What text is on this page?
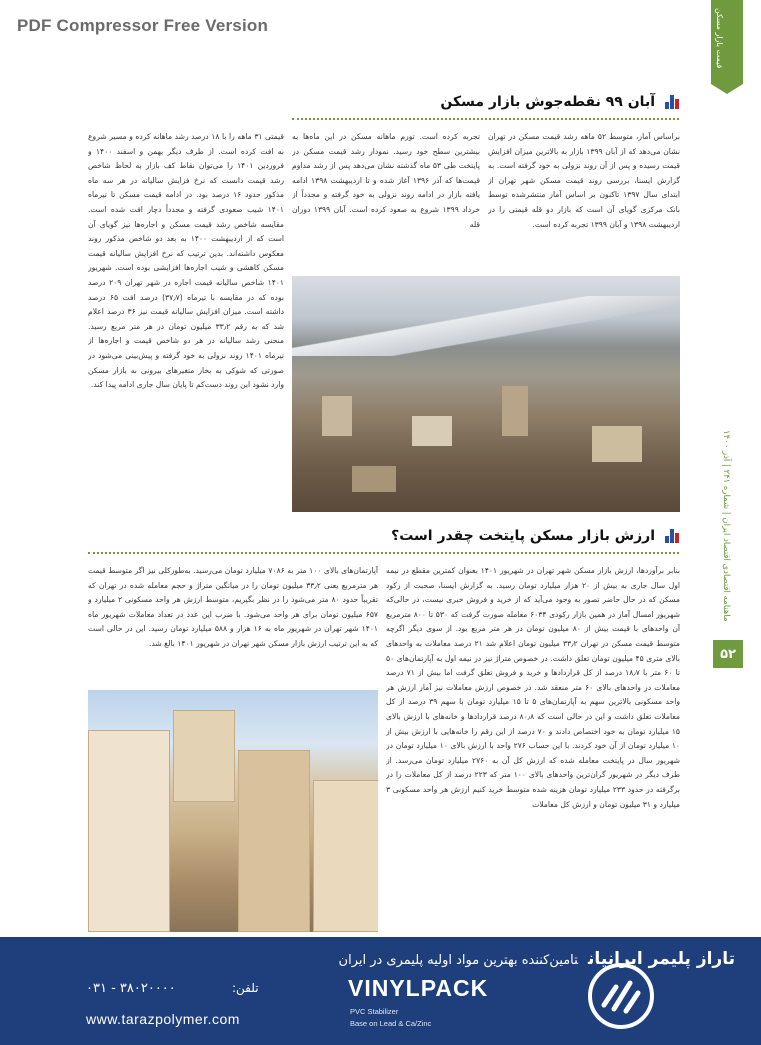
PDF Compressor Free Version	قیمت بازار مسکن
ماهنامه اقتصادی اقتصاد ایران | شماره ۲۴۱ | آذر ۱۴۰۰
۵۲
آبان ۹۹ نقطه‌جوش بازار مسکن

براساس آمار، متوسط ۵۲ ماهه رشد قیمت مسکن در تهران نشان می‌دهد که از آبان ۱۳۹۹ بازار به بالاترین میزان افزایش قیمت رسیده و پس از آن روند نزولی به خود گرفته است. به گزارش ایسنا، بررسی روند قیمت مسکن شهر تهران از ابتدای سال ۱۳۹۷ تاکنون بر اساس آمار منتشرشده توسط بانک مرکزی گویای آن است که بازار دو قله قیمتی را در اردیبهشت ۱۳۹۸ و آبان ۱۳۹۹ تجربه کرده است.

تجربه کرده است. تورم ماهانه مسکن در این ماه‌ها به بیشترین سطح خود رسید. نمودار رشد قیمت مسکن در پایتخت طی ۵۳ ماه گذشته نشان می‌دهد پس از رشد مداوم قیمت‌ها که آذر ۱۳۹۶ آغاز شده و تا اردیبهشت ۱۳۹۸ ادامه یافته بازار در ادامه روند نزولی به خود گرفته و مجدداً از خرداد ۱۳۹۹ شروع به صعود کرده است. آبان ۱۳۹۹ دوران قله

قیمتی ۳۱ ماهه را با ۱۸ درصد رشد ماهانه کرده و مسیر شروع به افت کرده است. از طرف دیگر بهمن و اسفند ۱۴۰۰ و فروردین ۱۴۰۱ را می‌توان نقاط کف بازار به لحاظ شاخص رشد قیمت دانست که نرخ فزایش سالیانه در هر سه ماه مذکور حدود ۱۶ درصد بود. در ادامه قیمت مسکن تا تیرماه ۱۴۰۱ شیب صعودی گرفته و مجدداً دچار افت شده است. مقایسه شاخص رشد قیمت مسکن و اجاره‌ها نیز گویای آن است که از اردیبهشت ۱۴۰۰ به بعد دو شاخص مذکور روند معکوس داشته‌اند. بدین ترتیب که نرخ افزایش سالیانه قیمت مسکن کاهشی و شیب اجاره‌ها افزایشی بوده است. شهریور ۱۴۰۱ شاخص سالیانه قیمت اجاره در شهر تهران ۲۰۹ درصد بوده که در مقایسه با تیرماه (۳۷٫۷) درصد افت ۶۵ درصد داشته است. میزان افزایش سالیانه قیمت نیز ۳۶ درصد اعلام شد که به رقم ۳۳٫۲ میلیون تومان در هر متر مربع رسید. منحنی رشد سالیانه در هر دو شاخص قیمت و اجاره‌ها از تیرماه ۱۴۰۱ روند نزولی به خود گرفته و پیش‌بینی می‌شود در صورتی که شوکی به بخار متغیرهای بیرونی به بازار مسکن وارد نشود این روند دست‌کم تا پایان سال جاری ادامه پیدا کند.

ارزش بازار مسکن پایتخت چقدر است؟

بنابر برآوردها، ارزش بازار مسکن شهر تهران در شهریور ۱۴۰۱ بعنوان کمترین مقطع در نیمه اول سال جاری به بیش از ۲۰ هزار میلیارد تومان رسید. به گزارش ایسنا، صحبت از رکود مسکن که در حال حاضر تصور به وجود می‌آید که از خرید و فروش خبری نیست، در حالی‌که شهریور امسال آمار در همین بازار رکودی ۶۰۳۴ معامله صورت گرفت که ۵۳۰ تا ۸۰۰ مترمربع آن واحدهای با قیمت بیش از ۸۰ میلیون تومان در هر متر مربع بود. از سوی دیگر اگرچه متوسط قیمت مسکن در تهران ۳۳٫۲ میلیون تومان اعلام شد ۲۱ درصد معاملات به واحدهای بالای متری ۴۵ میلیون تومان تعلق داشت. در خصوص متراژ نیز در نیمه اول به آپارتمان‌های ۵۰ تا ۶۰ متر با ۱۸٫۷ درصد از کل قراردادها و خرید و فروش تعلق گرفت اما بیش از ۷۱ درصد معاملات در واحدهای بالای ۶۰ متر منعقد شد. در خصوص ارزش معاملات نیز آمار ارزش هر واحد مسکونی بالاترین سهم به آپارتمان‌های ۵ تا ۱۵ میلیارد تومان با سهم ۳۹ درصد از کل معاملات تعلق داشت و این در حالی است که ۸۰٫۸ درصد قراردادها و خانه‌های با ارزش بالای ۱۵ میلیارد تومان به خود اختصاص دادند و ۷۰ درصد از این رقم را خانه‌هایی با ارزش بیش از ۱۰ میلیارد تومان از آن خود کردند. با این حساب ۲۷۶ واحد با ارزش بالای ۱۰ میلیارد تومان در شهریور سال در پایتخت معامله شده که ارزش کل آن به ۲۷۶۰ میلیارد تومان می‌رسد. از طرف دیگر در شهریور گران‌ترین واحدهای بالای ۱۰۰ متر که ۲۲۳ درصد از کل معاملات را در برگرفته در حدود ۲۳۳ میلیارد تومان هزینه شده متوسط خرید کنیم ارزش هر واحد مسکونی ۳ میلیارد و ۳۱ میلیون تومان و ارزش کل معاملات

آپارتمان‌های بالای ۱۰۰ متر به ۷۰۸۶ میلیارد تومان می‌رسید. به‌طورکلی نیز اگر متوسط قیمت هر مترمربع یعنی ۳۳٫۲ میلیون تومان را در میانگین متراژ و حجم معامله شده در تهران که تقریباً حدود ۸۰ متر می‌شود را در نظر بگیریم، متوسط ارزش هر واحد مسکونی ۲ میلیارد و ۶۵۷ میلیون تومان برای هر واحد می‌شود. با ضرب این عدد در تعداد معاملات شهریور ماه ۱۴۰۱ شهر تهران در شهریور ماه به ۱۶ هزار و ۵۸۸ میلیارد تومان رسید. این در حالی است که به این ترتیب ارزش بازار مسکن شهر تهران در شهریور ۱۴۰۱ بالغ شد.

تاراز پلیمر ایرانیانتامین‌کننده بهترین مواد اولیه پلیمری در ایران
VINYLPACK
PVC Stabilizer
Base on Lead & Ca/Zinc
تلفن:
۰۳۱ - ۳۸۰۲۰۰۰۰
www.tarazpolymer.com
